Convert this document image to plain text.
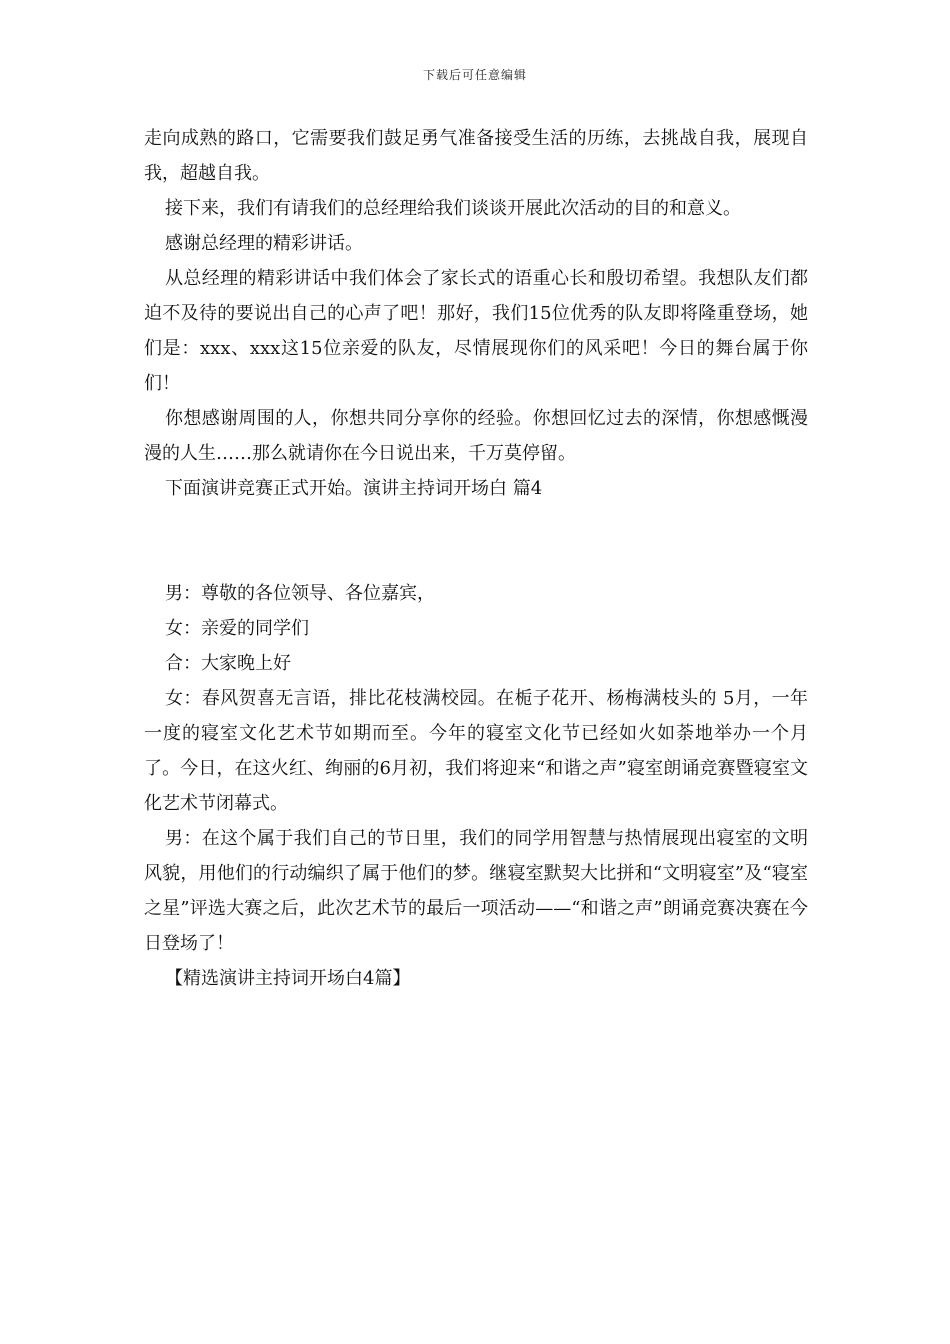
下载后可任意编辑

走向成熟的路口，它需要我们鼓足勇气准备接受生活的历练，去挑战自我，展现自我，超越自我。

接下来，我们有请我们的总经理给我们谈谈开展此次活动的目的和意义。

感谢总经理的精彩讲话。

从总经理的精彩讲话中我们体会了家长式的语重心长和殷切希望。我想队友们都迫不及待的要说出自己的心声了吧！那好，我们15位优秀的队友即将隆重登场，她们是：xxx、xxx这15位亲爱的队友，尽情展现你们的风采吧！今日的舞台属于你们！

你想感谢周围的人，你想共同分享你的经验。你想回忆过去的深情，你想感慨漫漫的人生……那么就请你在今日说出来，千万莫停留。

下面演讲竞赛正式开始。演讲主持词开场白 篇4

男：尊敬的各位领导、各位嘉宾，

女：亲爱的同学们

合：大家晚上好

女：春风贺喜无言语，排比花枝满校园。在栀子花开、杨梅满枝头的 5月，一年一度的寝室文化艺术节如期而至。今年的寝室文化节已经如火如荼地举办一个月了。今日，在这火红、绚丽的6月初，我们将迎来“和谐之声”寝室朗诵竞赛暨寝室文化艺术节闭幕式。

男：在这个属于我们自己的节日里，我们的同学用智慧与热情展现出寝室的文明风貌，用他们的行动编织了属于他们的梦。继寝室默契大比拼和“文明寝室”及“寝室之星”评选大赛之后，此次艺术节的最后一项活动——“和谐之声”朗诵竞赛决赛在今日登场了！

【精选演讲主持词开场白4篇】
